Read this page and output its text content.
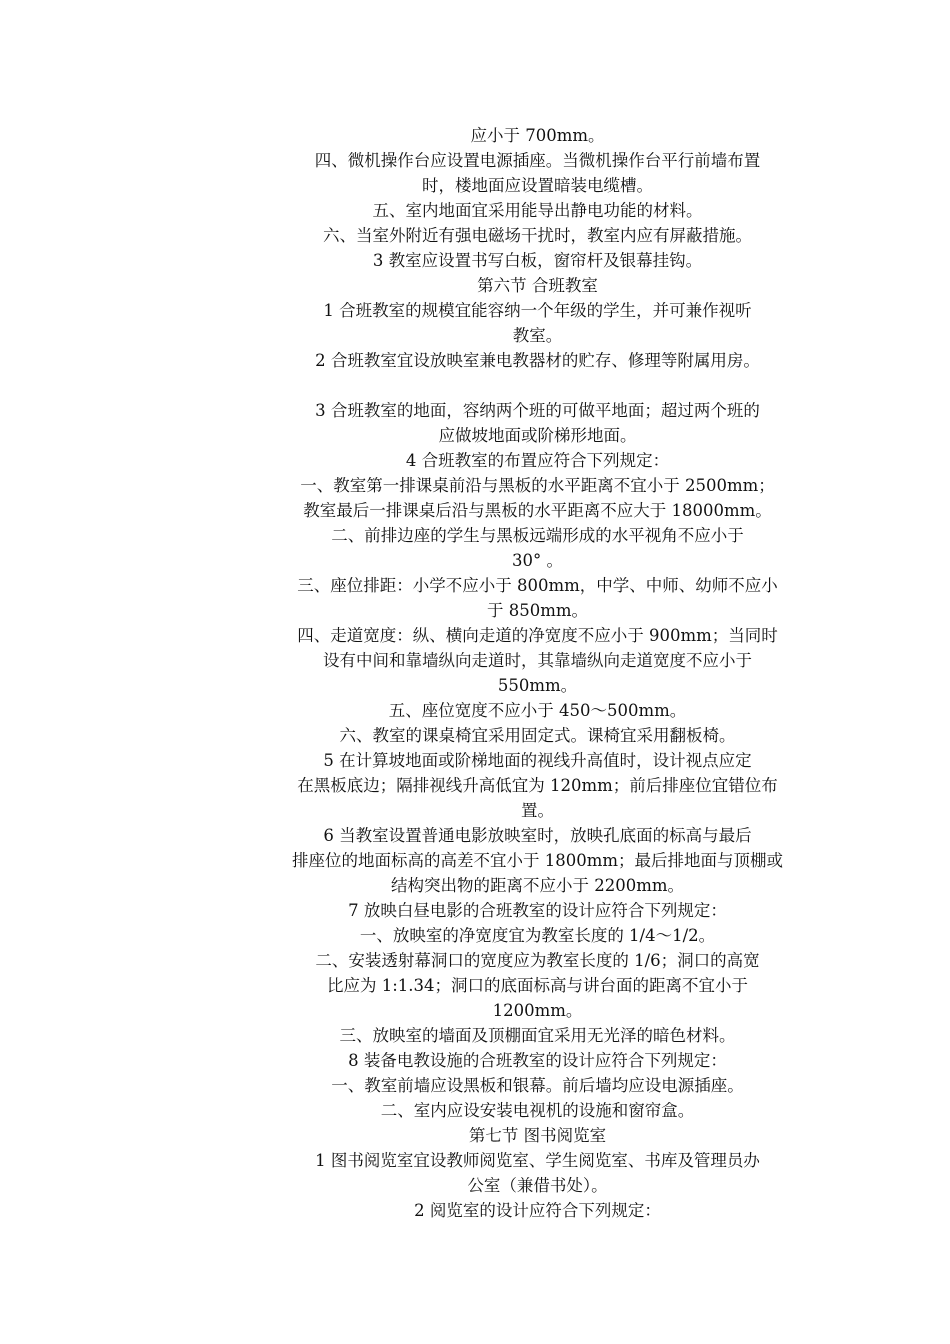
应小于 700mm。
四、微机操作台应设置电源插座。当微机操作台平行前墙布置
时，楼地面应设置暗装电缆槽。
五、室内地面宜采用能导出静电功能的材料。
六、当室外附近有强电磁场干扰时，教室内应有屏蔽措施。
3 教室应设置书写白板，窗帘杆及银幕挂钩。
第六节 合班教室
1 合班教室的规模宜能容纳一个年级的学生，并可兼作视听
教室。
2 合班教室宜设放映室兼电教器材的贮存、修理等附属用房。
3 合班教室的地面，容纳两个班的可做平地面；超过两个班的
应做坡地面或阶梯形地面。
4 合班教室的布置应符合下列规定：
一、教室第一排课桌前沿与黑板的水平距离不宜小于 2500mm；
教室最后一排课桌后沿与黑板的水平距离不应大于 18000mm。
二、前排边座的学生与黑板远端形成的水平视角不应小于
30° 。
三、座位排距：小学不应小于 800mm，中学、中师、幼师不应小
于 850mm。
四、走道宽度：纵、横向走道的净宽度不应小于 900mm；当同时
设有中间和靠墙纵向走道时，其靠墙纵向走道宽度不应小于
550mm。
五、座位宽度不应小于 450～500mm。
六、教室的课桌椅宜采用固定式。课椅宜采用翻板椅。
5 在计算坡地面或阶梯地面的视线升高值时，设计视点应定
在黑板底边；隔排视线升高低宜为 120mm；前后排座位宜错位布
置。
6 当教室设置普通电影放映室时，放映孔底面的标高与最后
排座位的地面标高的高差不宜小于 1800mm；最后排地面与顶棚或
结构突出物的距离不应小于 2200mm。
7 放映白昼电影的合班教室的设计应符合下列规定：
一、放映室的净宽度宜为教室长度的 1/4～1/2。
二、安装透射幕洞口的宽度应为教室长度的 1/6；洞口的高宽
比应为 1:1.34；洞口的底面标高与讲台面的距离不宜小于
1200mm。
三、放映室的墙面及顶棚面宜采用无光泽的暗色材料。
8 装备电教设施的合班教室的设计应符合下列规定：
一、教室前墙应设黑板和银幕。前后墙均应设电源插座。
二、室内应设安装电视机的设施和窗帘盒。
第七节 图书阅览室
1 图书阅览室宜设教师阅览室、学生阅览室、书库及管理员办
公室（兼借书处）。
2 阅览室的设计应符合下列规定：
